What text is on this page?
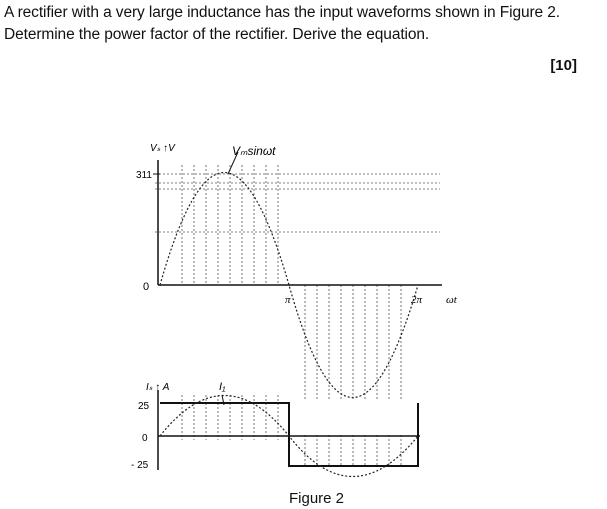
A rectifier with a very large inductance has the input waveforms shown in Figure 2. Determine the power factor of the rectifier. Derive the equation.
[10]
Vₛ ↑V	Vₘsinωt
311
0
π	2π ωt
Iₛ ↑ A	I₁
25
0
- 25
Figure 2
